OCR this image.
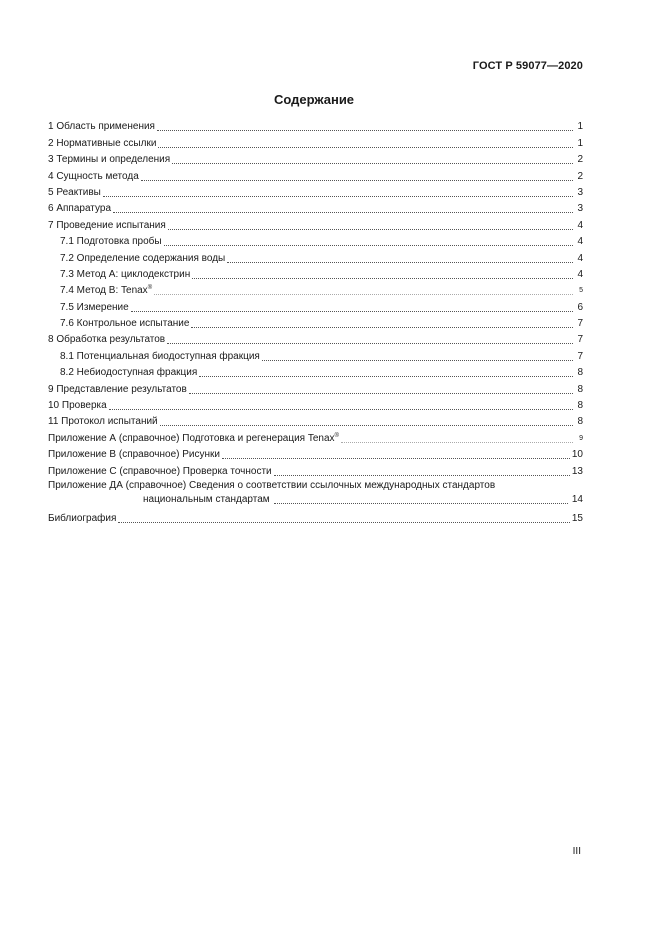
ГОСТ Р 59077—2020
Содержание
1 Область применения	1
2 Нормативные ссылки	1
3 Термины и определения	2
4 Сущность метода	2
5 Реактивы	3
6 Аппаратура	3
7 Проведение испытания	4
7.1 Подготовка пробы	4
7.2 Определение содержания воды	4
7.3 Метод А: циклодекстрин	4
7.4 Метод В: Tenax®	5
7.5 Измерение	6
7.6 Контрольное испытание	7
8 Обработка результатов	7
8.1 Потенциальная биодоступная фракция	7
8.2 Небиодоступная фракция	8
9 Представление результатов	8
10 Проверка	8
11 Протокол испытаний	8
Приложение А (справочное) Подготовка и регенерация Tenax®	9
Приложение В (справочное) Рисунки	10
Приложение С (справочное) Проверка точности	13
Приложение ДА (справочное) Сведения о соответствии ссылочных международных стандартов
национальным стандартам	14
Библиография	15
III
